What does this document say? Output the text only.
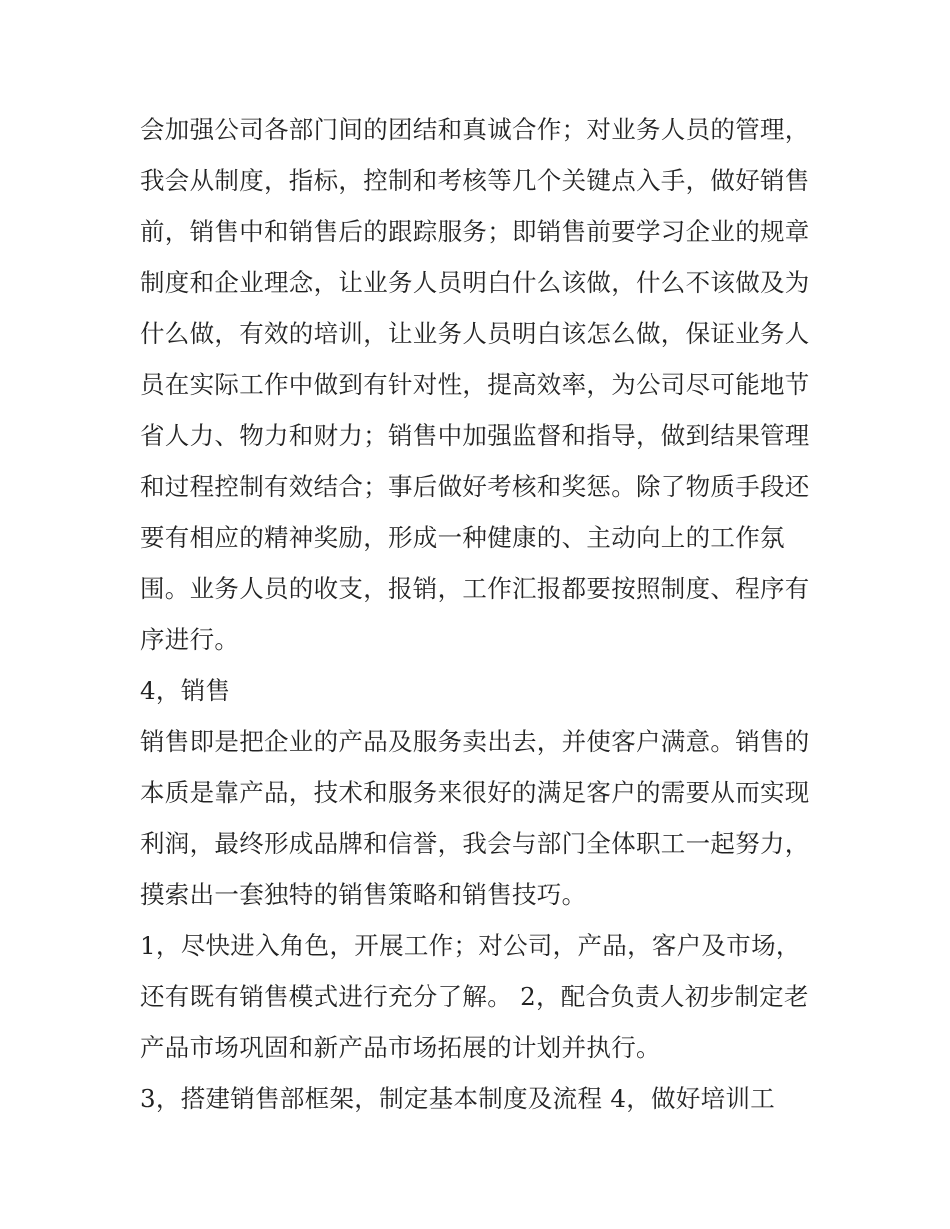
会加强公司各部门间的团结和真诚合作；对业务人员的管理，
我会从制度，指标，控制和考核等几个关键点入手，做好销售
前，销售中和销售后的跟踪服务；即销售前要学习企业的规章
制度和企业理念，让业务人员明白什么该做，什么不该做及为
什么做，有效的培训，让业务人员明白该怎么做，保证业务人
员在实际工作中做到有针对性，提高效率，为公司尽可能地节
省人力、物力和财力；销售中加强监督和指导，做到结果管理
和过程控制有效结合；事后做好考核和奖惩。除了物质手段还
要有相应的精神奖励，形成一种健康的、主动向上的工作氛
围。业务人员的收支，报销，工作汇报都要按照制度、程序有
序进行。
4，销售
销售即是把企业的产品及服务卖出去，并使客户满意。销售的
本质是靠产品，技术和服务来很好的满足客户的需要从而实现
利润，最终形成品牌和信誉，我会与部门全体职工一起努力，
摸索出一套独特的销售策略和销售技巧。
1，尽快进入角色，开展工作；对公司，产品，客户及市场，
还有既有销售模式进行充分了解。 2，配合负责人初步制定老
产品市场巩固和新产品市场拓展的计划并执行。
3，搭建销售部框架，制定基本制度及流程 4，做好培训工
